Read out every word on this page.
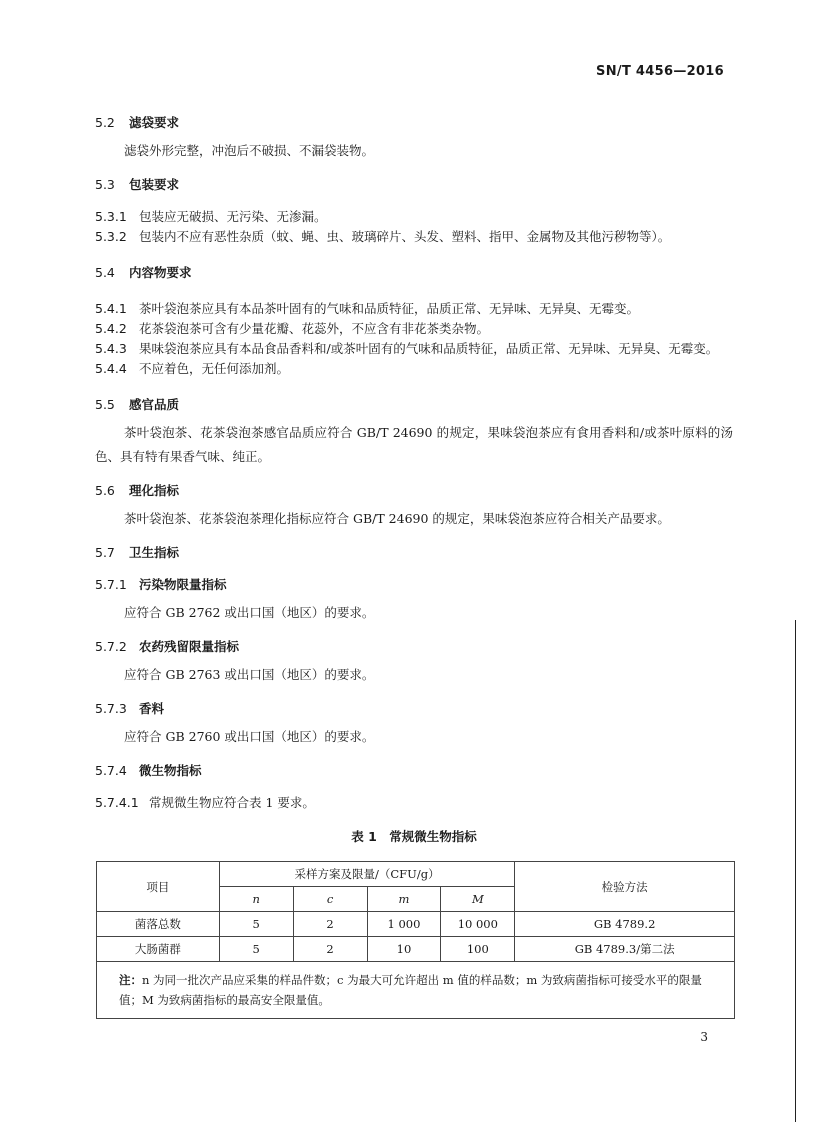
SN/T 4456—2016

5.2 滤袋要求

滤袋外形完整，冲泡后不破损、不漏袋装物。

5.3 包装要求

5.3.1 包装应无破损、无污染、无渗漏。

5.3.2 包装内不应有恶性杂质（蚊、蝇、虫、玻璃碎片、头发、塑料、指甲、金属物及其他污秽物等）。

5.4 内容物要求

5.4.1 茶叶袋泡茶应具有本品茶叶固有的气味和品质特征，品质正常、无异味、无异臭、无霉变。

5.4.2 花茶袋泡茶可含有少量花瓣、花蕊外，不应含有非花茶类杂物。

5.4.3 果味袋泡茶应具有本品食品香料和/或茶叶固有的气味和品质特征，品质正常、无异味、无异臭、无霉变。

5.4.4 不应着色，无任何添加剂。

5.5 感官品质

茶叶袋泡茶、花茶袋泡茶感官品质应符合 GB/T 24690 的规定，果味袋泡茶应有食用香料和/或茶叶原料的汤色、具有特有果香气味、纯正。

5.6 理化指标

茶叶袋泡茶、花茶袋泡茶理化指标应符合 GB/T 24690 的规定，果味袋泡茶应符合相关产品要求。

5.7 卫生指标

5.7.1 污染物限量指标

应符合 GB 2762 或出口国（地区）的要求。

5.7.2 农药残留限量指标

应符合 GB 2763 或出口国（地区）的要求。

5.7.3 香料

应符合 GB 2760 或出口国（地区）的要求。

5.7.4 微生物指标

5.7.4.1 常规微生物应符合表 1 要求。

表 1　常规微生物指标
项目	采样方案及限量/（CFU/g）				检验方法
	n	c	m	M	
菌落总数	5	2	1 000	10 000	GB 4789.2
大肠菌群	5	2	10	100	GB 4789.3/第二法
注：n 为同一批次产品应采集的样品件数；c 为最大可允许超出 m 值的样品数；m 为致病菌指标可接受水平的限量值；M 为致病菌指标的最高安全限量值。					
3
